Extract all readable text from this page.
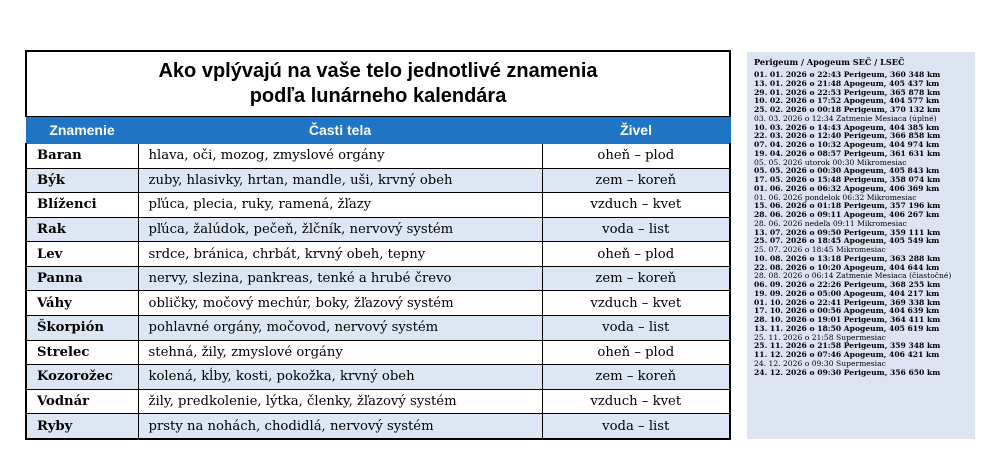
Ako vplývajú na vaše telo jednotlivé znamenia
podľa lunárneho kalendára		

Znamenie	Časti tela	Živel
Baran	hlava, oči, mozog, zmyslové orgány	oheň – plod
Býk	zuby, hlasivky, hrtan, mandle, uši, krvný obeh	zem – koreň
Blíženci	pľúca, plecia, ruky, ramená, žľazy	vzduch – kvet
Rak	pľúca, žalúdok, pečeň, žlčník, nervový systém	voda – list
Lev	srdce, bránica, chrbát, krvný obeh, tepny	oheň – plod
Panna	nervy, slezina, pankreas, tenké a hrubé črevo	zem – koreň
Váhy	obličky, močový mechúr, boky, žľazový systém	vzduch – kvet
Škorpión	pohlavné orgány, močovod, nervový systém	voda – list
Strelec	stehná, žily, zmyslové orgány	oheň – plod
Kozorožec	kolená, kĺby, kosti, pokožka, krvný obeh	zem – koreň
Vodnár	žily, predkolenie, lýtka, členky, žľazový systém	vzduch – kvet
Ryby	prsty na nohách, chodidlá, nervový systém	voda – list
Perigeum / Apogeum SEČ / LSEČ
01. 01. 2026 o 22:43 Perigeum, 360 348 km
13. 01. 2026 o 21:48 Apogeum, 405 437 km
29. 01. 2026 o 22:53 Perigeum, 365 878 km
10. 02. 2026 o 17:52 Apogeum, 404 577 km
25. 02. 2026 o 00:18 Perigeum, 370 132 km
03. 03. 2026 o 12:34 Zatmenie Mesiaca (úplné)
10. 03. 2026 o 14:43 Apogeum, 404 385 km
22. 03. 2026 o 12:40 Perigeum, 366 858 km
07. 04. 2026 o 10:32 Apogeum, 404 974 km
19. 04. 2026 o 08:57 Perigeum, 361 631 km
05. 05. 2026 utorok 00:30 Mikromesiac
05. 05. 2026 o 00:30 Apogeum, 405 843 km
17. 05. 2026 o 15:48 Perigeum, 358 074 km
01. 06. 2026 o 06:32 Apogeum, 406 369 km
01. 06. 2026 pondelok 06:32 Mikromesiac
15. 06. 2026 o 01:18 Perigeum, 357 196 km
28. 06. 2026 o 09:11 Apogeum, 406 267 km
28. 06. 2026 nedeľa 09:11 Mikromesiac
13. 07. 2026 o 09:50 Perigeum, 359 111 km
25. 07. 2026 o 18:45 Apogeum, 405 549 km
25. 07. 2026 o 18:45 Mikromesiac
10. 08. 2026 o 13:18 Perigeum, 363 288 km
22. 08. 2026 o 10:20 Apogeum, 404 644 km
28. 08. 2026 o 06:14 Zatmenie Mesiaca (čiastočné)
06. 09. 2026 o 22:26 Perigeum, 368 255 km
19. 09. 2026 o 05:00 Apogeum, 404 217 km
01. 10. 2026 o 22:41 Perigeum, 369 338 km
17. 10. 2026 o 00:56 Apogeum, 404 639 km
28. 10. 2026 o 19:01 Perigeum, 364 411 km
13. 11. 2026 o 18:50 Apogeum, 405 619 km
25. 11. 2026 o 21:58 Supermesiac
25. 11. 2026 o 21:58 Perigeum, 359 348 km
11. 12. 2026 o 07:46 Apogeum, 406 421 km
24. 12. 2026 o 09:30 Supermesiac
24. 12. 2026 o 09:30 Perigeum, 356 650 km
